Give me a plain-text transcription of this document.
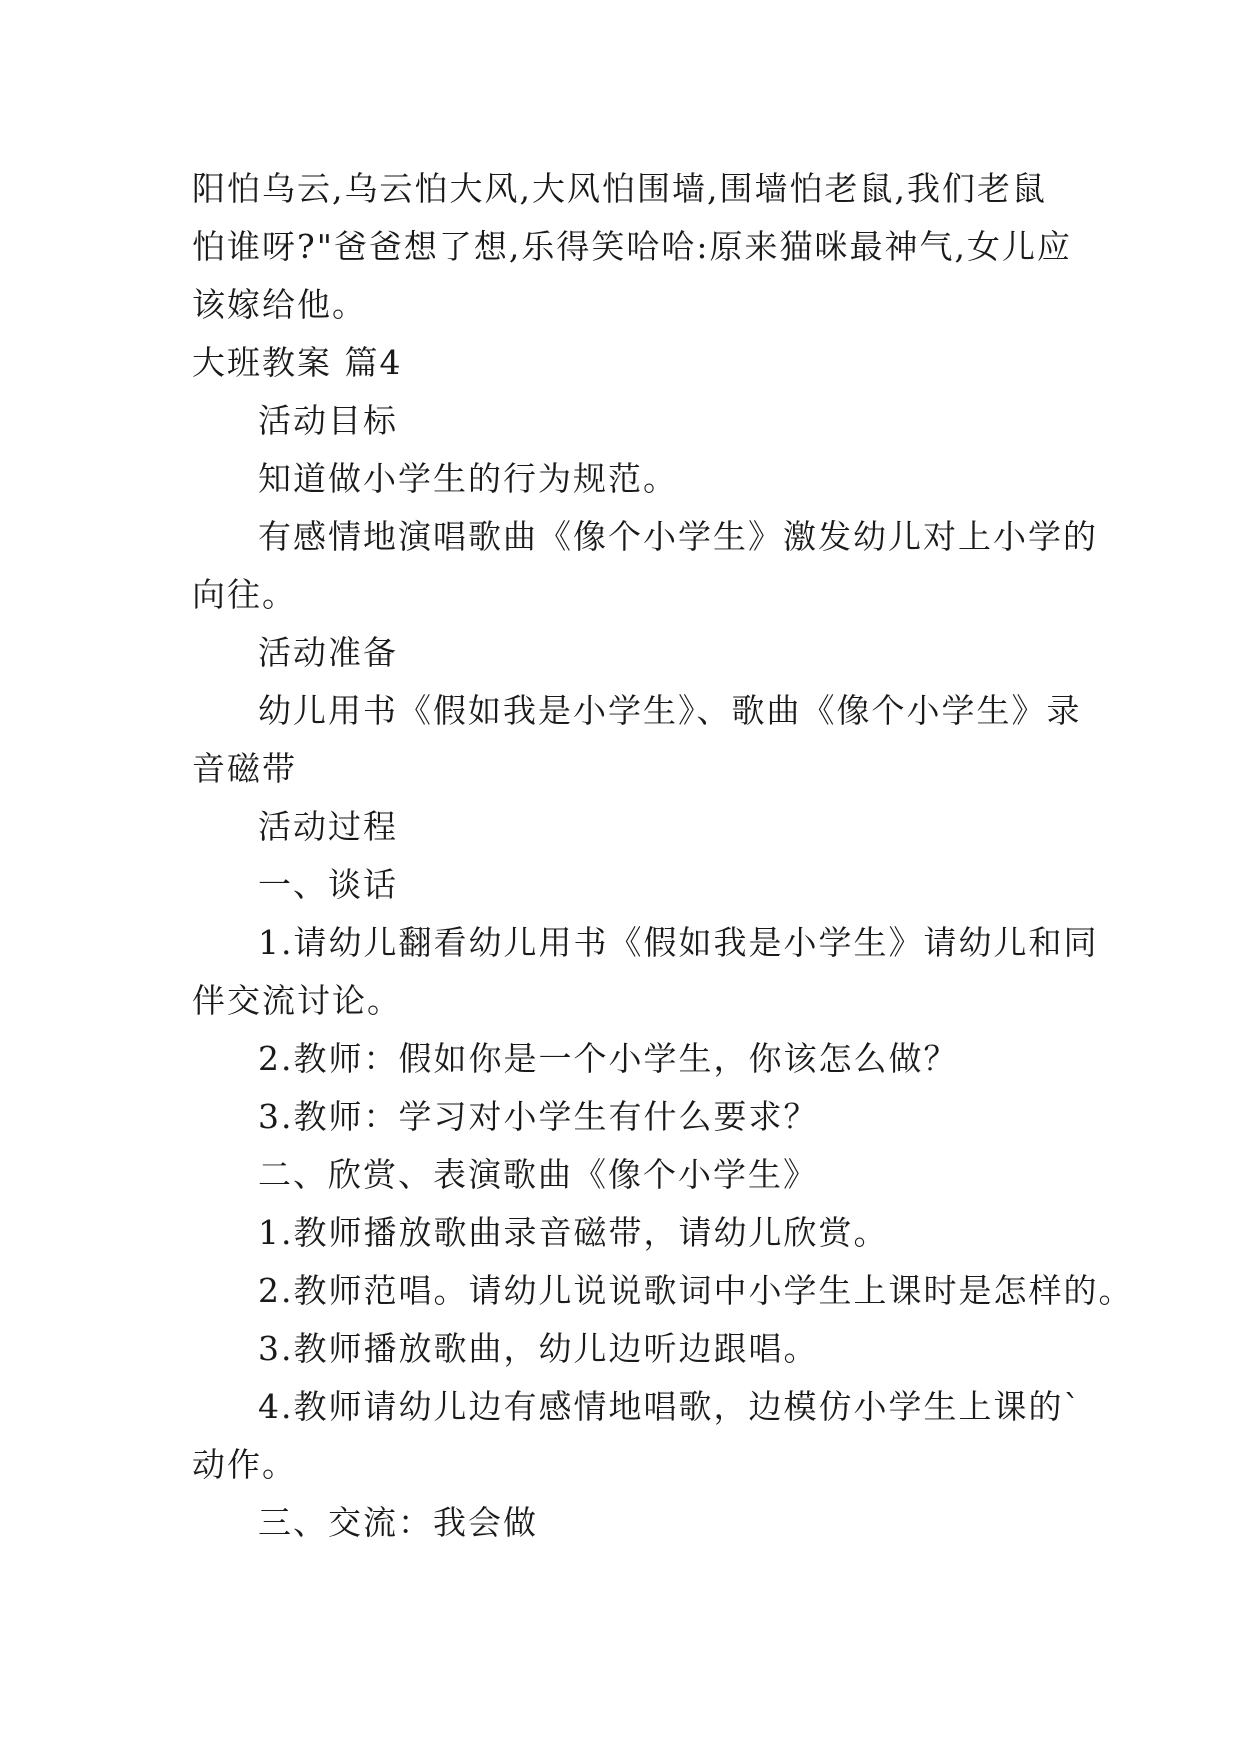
阳怕乌云,乌云怕大风,大风怕围墙,围墙怕老鼠,我们老鼠
怕谁呀?"爸爸想了想,乐得笑哈哈:原来猫咪最神气,女儿应
该嫁给他。
大班教案 篇4
活动目标
知道做小学生的行为规范。
有感情地演唱歌曲《像个小学生》激发幼儿对上小学的
向往。
活动准备
幼儿用书《假如我是小学生》、歌曲《像个小学生》录
音磁带
活动过程
一、谈话
1.请幼儿翻看幼儿用书《假如我是小学生》请幼儿和同
伴交流讨论。
2.教师：假如你是一个小学生，你该怎么做？
3.教师：学习对小学生有什么要求？
二、欣赏、表演歌曲《像个小学生》
1.教师播放歌曲录音磁带，请幼儿欣赏。
2.教师范唱。请幼儿说说歌词中小学生上课时是怎样的。
3.教师播放歌曲，幼儿边听边跟唱。
4.教师请幼儿边有感情地唱歌，边模仿小学生上课的`
动作。
三、交流：我会做
